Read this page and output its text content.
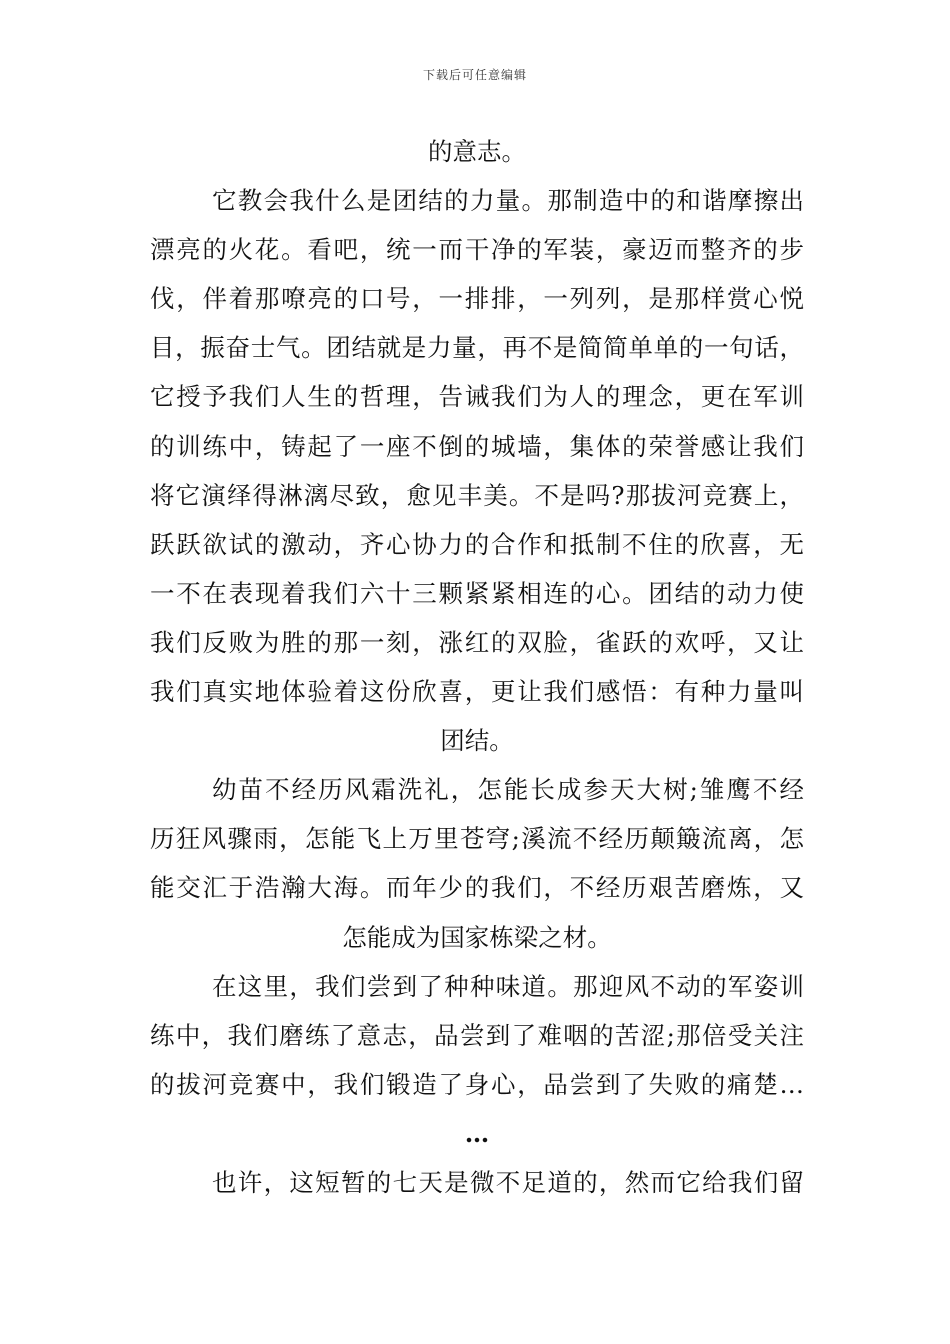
下载后可任意编辑
的意志。
它教会我什么是团结的力量。那制造中的和谐摩擦出
漂亮的火花。看吧，统一而干净的军装，豪迈而整齐的步
伐，伴着那嘹亮的口号，一排排，一列列，是那样赏心悦
目，振奋士气。团结就是力量，再不是简简单单的一句话，
它授予我们人生的哲理，告诫我们为人的理念，更在军训
的训练中，铸起了一座不倒的城墙，集体的荣誉感让我们
将它演绎得淋漓尽致，愈见丰美。不是吗?那拔河竞赛上，
跃跃欲试的激动，齐心协力的合作和抵制不住的欣喜，无
一不在表现着我们六十三颗紧紧相连的心。团结的动力使
我们反败为胜的那一刻，涨红的双脸，雀跃的欢呼，又让
我们真实地体验着这份欣喜，更让我们感悟：有种力量叫
团结。
幼苗不经历风霜洗礼，怎能长成参天大树;雏鹰不经
历狂风骤雨，怎能飞上万里苍穹;溪流不经历颠簸流离，怎
能交汇于浩瀚大海。而年少的我们，不经历艰苦磨炼，又
怎能成为国家栋梁之材。
在这里，我们尝到了种种味道。那迎风不动的军姿训
练中，我们磨练了意志，品尝到了难咽的苦涩;那倍受关注
的拔河竞赛中，我们锻造了身心，品尝到了失败的痛楚…
…
也许，这短暂的七天是微不足道的，然而它给我们留
